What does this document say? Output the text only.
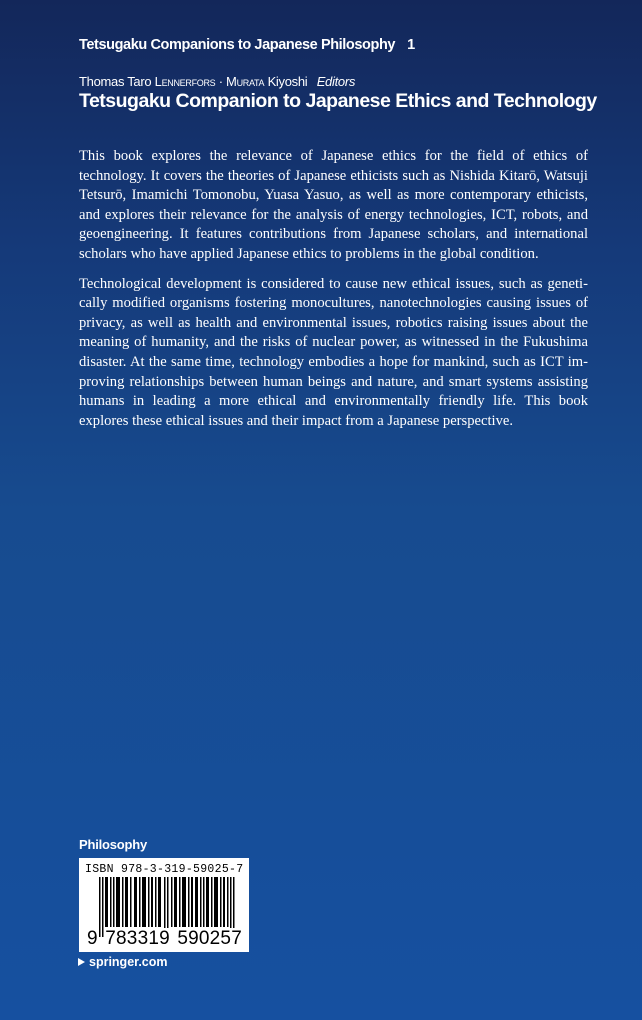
Tetsugaku Companions to Japanese Philosophy 1
Thomas Taro Lennerfors · Murata Kiyoshi Editors
Tetsugaku Companion to Japanese Ethics and Technology

This book explores the relevance of Japanese ethics for the field of ethics of technology. It covers the theories of Japanese ethicists such as Nishida Kitarō, Watsuji Tetsurō, Imamichi Tomonobu, Yuasa Yasuo, as well as more contemporary ethicists, and explores their relevance for the analysis of energy technologies, ICT, robots, and geoengineering. It features contributions from Japanese scholars, and international scholars who have applied Japanese ethics to problems in the global condition.

Technological development is considered to cause new ethical issues, such as genetically modified organisms fostering monocultures, nanotechnologies causing issues of privacy, as well as health and environmental issues, robotics raising issues about the meaning of humanity, and the risks of nuclear power, as witnessed in the Fukushima disaster. At the same time, technology embodies a hope for mankind, such as ICT improving relationships between human beings and nature, and smart systems assisting humans in leading a more ethical and environmentally friendly life. This book explores these ethical issues and their impact from a Japanese perspective.

Philosophy
ISBN 978-3-319-59025-7
9 783319 590257
springer.com
